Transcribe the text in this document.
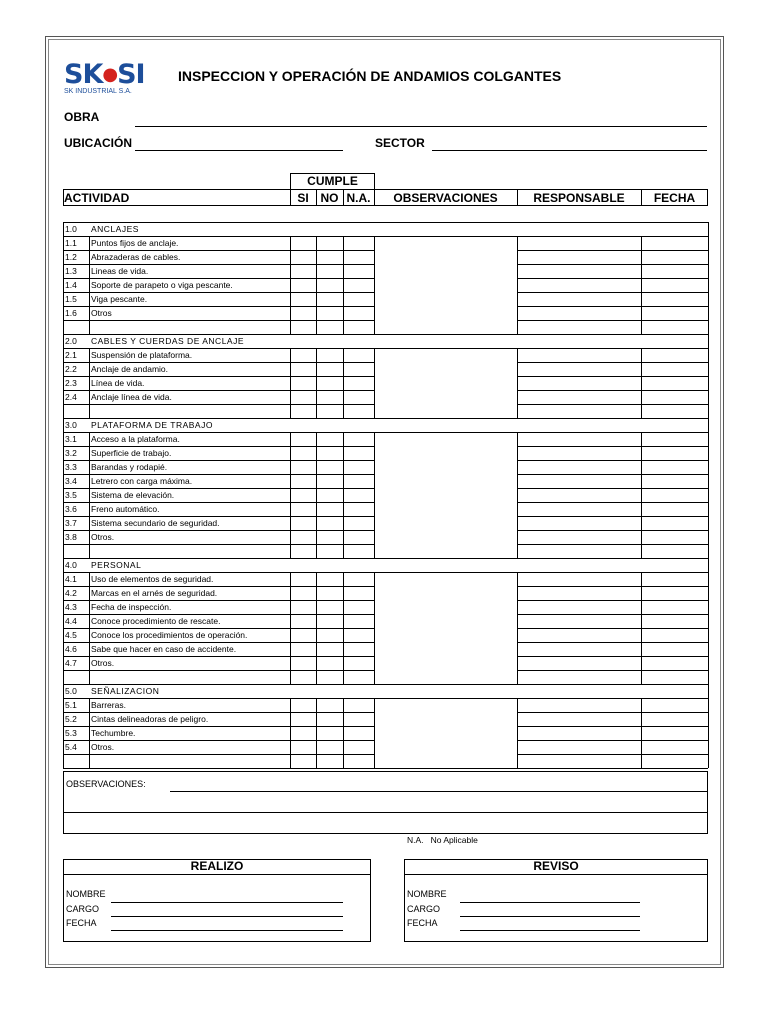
SK●SI
SK INDUSTRIAL S.A.
INSPECCION Y OPERACIÓN DE ANDAMIOS COLGANTES
OBRA
UBICACIÓN	SECTOR
CUMPLE
ACTIVIDAD	SI NO N.A.	OBSERVACIONES	RESPONSABLE	FECHA
1.0 ANCLAJES
1.1 Puntos fijos de anclaje.
1.2 Abrazaderas de cables.
1.3 Lineas de vida.
1.4 Soporte de parapeto o viga pescante.
1.5 Viga pescante.
1.6 Otros
2.0 CABLES Y CUERDAS DE ANCLAJE
2.1 Suspensión de plataforma.
2.2 Anclaje de andamio.
2.3 Línea de vida.
2.4 Anclaje línea de vida.
3.0 PLATAFORMA DE TRABAJO
3.1 Acceso a la plataforma.
3.2 Superficie de trabajo.
3.3 Barandas y rodapié.
3.4 Letrero con carga máxima.
3.5 Sistema de elevación.
3.6 Freno automático.
3.7 Sistema secundario de seguridad.
3.8 Otros.
4.0 PERSONAL
4.1 Uso de elementos de seguridad.
4.2 Marcas en el arnés de seguridad.
4.3 Fecha de inspección.
4.4 Conoce procedimiento de rescate.
4.5 Conoce los procedimientos de operación.
4.6 Sabe que hacer en caso de accidente.
4.7 Otros.
5.0 SEÑALIZACION
5.1 Barreras.
5.2 Cintas delineadoras de peligro.
5.3 Techumbre.
5.4 Otros.
OBSERVACIONES:
N.A.   No Aplicable
REALIZO
NOMBRE
CARGO
FECHA
REVISO
NOMBRE
CARGO
FECHA
